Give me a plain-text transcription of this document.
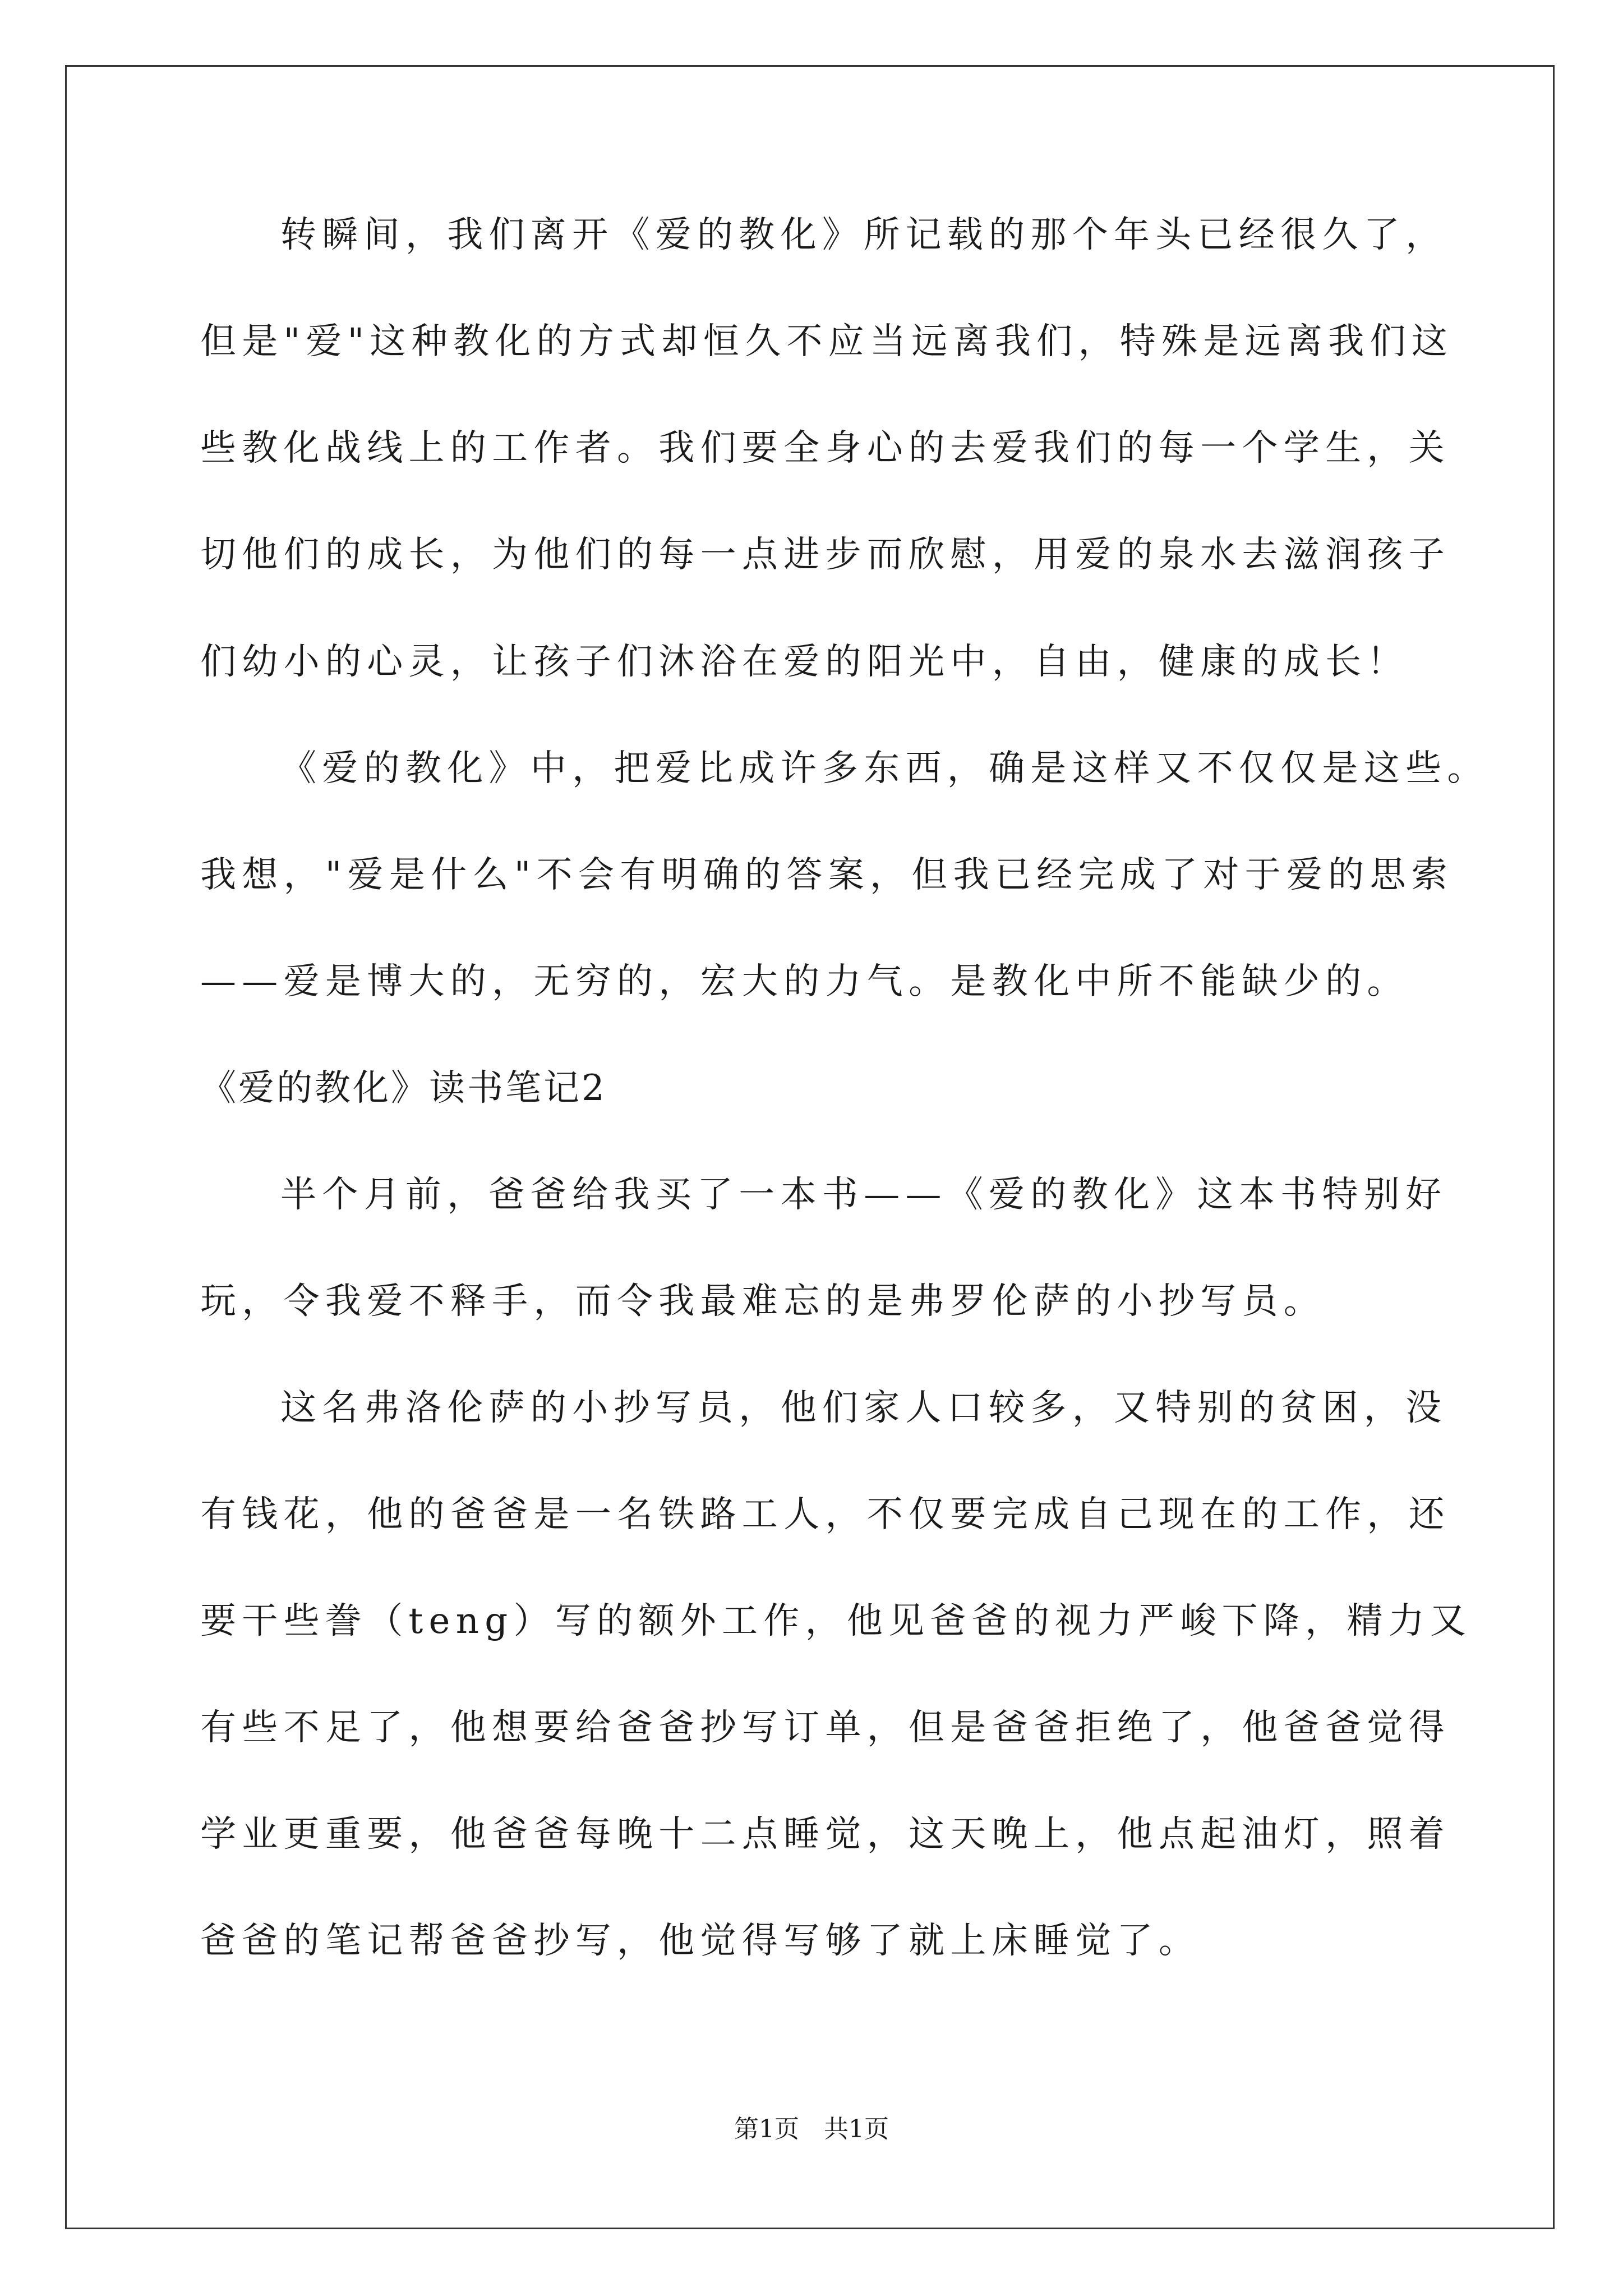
转瞬间，我们离开《爱的教化》所记载的那个年头已经很久了，
但是"爱"这种教化的方式却恒久不应当远离我们，特殊是远离我们这
些教化战线上的工作者。我们要全身心的去爱我们的每一个学生，关
切他们的成长，为他们的每一点进步而欣慰，用爱的泉水去滋润孩子
们幼小的心灵，让孩子们沐浴在爱的阳光中，自由，健康的成长！
《爱的教化》中，把爱比成许多东西，确是这样又不仅仅是这些。
我想，"爱是什么"不会有明确的答案，但我已经完成了对于爱的思索
——爱是博大的，无穷的，宏大的力气。是教化中所不能缺少的。
《爱的教化》读书笔记2
半个月前，爸爸给我买了一本书——《爱的教化》这本书特别好
玩，令我爱不释手，而令我最难忘的是弗罗伦萨的小抄写员。
这名弗洛伦萨的小抄写员，他们家人口较多，又特别的贫困，没
有钱花，他的爸爸是一名铁路工人，不仅要完成自己现在的工作，还
要干些誊（teng）写的额外工作，他见爸爸的视力严峻下降，精力又
有些不足了，他想要给爸爸抄写订单，但是爸爸拒绝了，他爸爸觉得
学业更重要，他爸爸每晚十二点睡觉，这天晚上，他点起油灯，照着
爸爸的笔记帮爸爸抄写，他觉得写够了就上床睡觉了。
第1页　共1页
